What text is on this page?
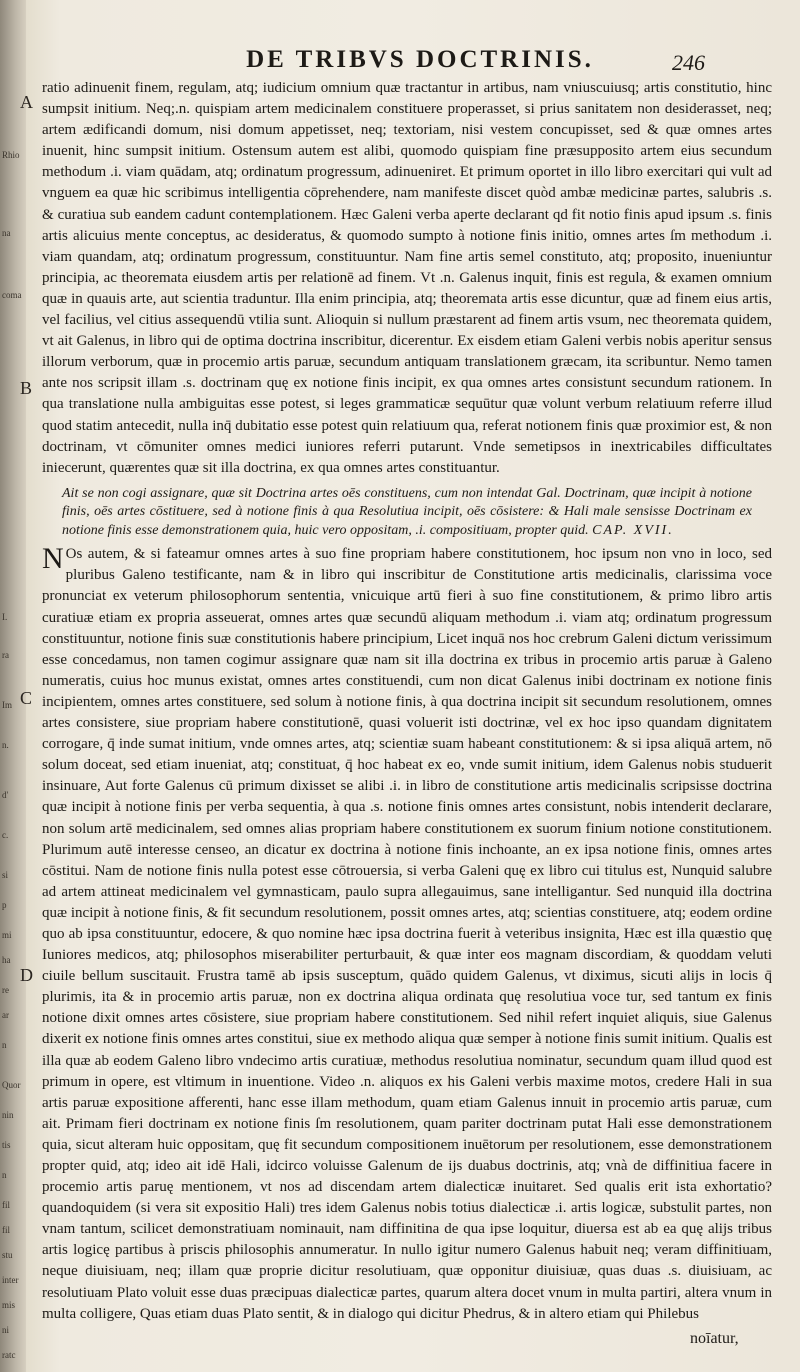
Rhio
na
coma
I.
ra
Im
n.
d'
c.
si
p
mi
ha
re
ar
n
Quor
nin
tis
n
fil
fil
stu
inter
mis
ni
ratc
DE TRIBVS DOCTRINIS.	246
A
B
C
D

ratio adinuenit finem, regulam, atq; iudicium omnium quæ tractantur in artibus, nam vniuscuiusq; artis constitutio, hinc sumpsit initium. Neq;.n. quispiam artem medicinalem constituere properasset, si prius sanitatem non desiderasset, neq; artem ædificandi domum, nisi domum appetisset, neq; textoriam, nisi vestem concupisset, sed & quæ omnes artes inuenit, hinc sumpsit initium. Ostensum autem est alibi, quomodo quispiam fine præsupposito artem eius secundum methodum .i. viam quādam, atq; ordinatum progressum, adinueniret. Et primum oportet in illo libro exercitari qui vult ad vnguem ea quæ hic scribimus intelligentia cōprehendere, nam manifeste discet quòd ambæ medicinæ partes, salubris .s. & curatiua sub eandem cadunt contemplationem. Hæc Galeni verba aperte declarant qd fit notio finis apud ipsum .s. finis artis alicuius mente conceptus, ac desideratus, & quomodo sumpto à notione finis initio, omnes artes ſm methodum .i. viam quandam, atq; ordinatum progressum, constituuntur. Nam fine artis semel constituto, atq; proposito, inueniuntur principia, ac theoremata eiusdem artis per relationē ad finem. Vt .n. Galenus inquit, finis est regula, & examen omnium quæ in quauis arte, aut scientia traduntur. Illa enim principia, atq; theoremata artis esse dicuntur, quæ ad finem eius artis, vel facilius, vel citius assequendū vtilia sunt. Alioquin si nullum præstarent ad finem artis vsum, nec theoremata quidem, vt ait Galenus, in libro qui de optima doctrina inscribitur, dicerentur. Ex eisdem etiam Galeni verbis nobis aperitur sensus illorum verborum, quæ in procemio artis paruæ, secundum antiquam translationem græcam, ita scribuntur. Nemo tamen ante nos scripsit illam .s. doctrinam quę ex notione finis incipit, ex qua omnes artes consistunt secundum rationem. In qua translatione nulla ambiguitas esse potest, si leges grammaticæ sequūtur quæ volunt verbum relatiuum referre illud quod statim antecedit, nulla inq̄ dubitatio esse potest quin relatiuum qua, referat notionem finis quæ proximior est, & non doctrinam, vt cōmuniter omnes medici iuniores referri putarunt. Vnde semetipsos in inextricabiles difficultates iniecerunt, quærentes quæ sit illa doctrina, ex qua omnes artes constituantur.

Ait se non cogi assignare, quæ sit Doctrina artes oēs constituens, cum non intendat Gal. Doctrinam, quæ incipit à notione finis, oēs artes cōstituere, sed à notione finis à qua Resolutiua incipit, oēs cōsistere: & Hali male sensisse Doctrinam ex notione finis esse demonstrationem quia, huic vero oppositam, .i. compositiuam, propter quid. CAP. XVII.

N Os autem, & si fateamur omnes artes à suo fine propriam habere constitutionem, hoc ipsum non vno in loco, sed pluribus Galeno testificante, nam & in libro qui inscribitur de Constitutione artis medicinalis, clarissima voce pronunciat ex veterum philosophorum sententia, vnicuique artū fieri à suo fine constitutionem, & primo libro artis curatiuæ etiam ex propria asseuerat, omnes artes quæ secundū aliquam methodum .i. viam atq; ordinatum progressum constituuntur, notione finis suæ constitutionis habere principium, Licet inquā nos hoc crebrum Galeni dictum verissimum esse concedamus, non tamen cogimur assignare quæ nam sit illa doctrina ex tribus in procemio artis paruæ à Galeno numeratis, cuius hoc munus existat, omnes artes constituendi, cum non dicat Galenus inibi doctrinam ex notione finis incipientem, omnes artes constituere, sed solum à notione finis, à qua doctrina incipit sit secundum resolutionem, omnes artes consistere, siue propriam habere constitutionē, quasi voluerit isti doctrinæ, vel ex hoc ipso quandam dignitatem corrogare, q̄ inde sumat initium, vnde omnes artes, atq; scientiæ suam habeant constitutionem: & si ipsa aliquā artem, nō solum doceat, sed etiam inueniat, atq; constituat, q̄ hoc habeat ex eo, vnde sumit initium, idem Galenus nobis studuerit insinuare, Aut forte Galenus cū primum dixisset se alibi .i. in libro de constitutione artis medicinalis scripsisse doctrina quæ incipit à notione finis per verba sequentia, à qua .s. notione finis omnes artes consistunt, nobis intenderit declarare, non solum artē medicinalem, sed omnes alias propriam habere constitutionem ex suorum finium notione constitutionem. Plurimum autē interesse censeo, an dicatur ex doctrina à notione finis inchoante, an ex ipsa notione finis, omnes artes cōstitui. Nam de notione finis nulla potest esse cōtrouersia, si verba Galeni quę ex libro cui titulus est, Nunquid salubre ad artem attineat medicinalem vel gymnasticam, paulo supra allegauimus, sane intelligantur. Sed nunquid illa doctrina quæ incipit à notione finis, & fit secundum resolutionem, possit omnes artes, atq; scientias constituere, atq; eodem ordine quo ab ipsa constituuntur, edocere, & quo nomine hæc ipsa doctrina fuerit à veteribus insignita, Hæc est illa quæstio quę Iuniores medicos, atq; philosophos miserabiliter perturbauit, & quæ inter eos magnam discordiam, & quoddam veluti ciuile bellum suscitauit. Frustra tamē ab ipsis susceptum, quādo quidem Galenus, vt diximus, sicuti alijs in locis q̄ plurimis, ita & in procemio artis paruæ, non ex doctrina aliqua ordinata quę resolutiua voce tur, sed tantum ex finis notione dixit omnes artes cōsistere, siue propriam habere constitutionem. Sed nihil refert inquiet aliquis, siue Galenus dixerit ex notione finis omnes artes constitui, siue ex methodo aliqua quæ semper à notione finis sumit initium. Qualis est illa quæ ab eodem Galeno libro vndecimo artis curatiuæ, methodus resolutiua nominatur, secundum quam illud quod est primum in opere, est vltimum in inuentione. Video .n. aliquos ex his Galeni verbis maxime motos, credere Hali in sua artis paruæ expositione afferenti, hanc esse illam methodum, quam etiam Galenus innuit in procemio artis paruæ, cum ait. Primam fieri doctrinam ex notione finis ſm resolutionem, quam pariter doctrinam putat Hali esse demonstrationem quia, sicut alteram huic oppositam, quę fit secundum compositionem inuētorum per resolutionem, esse demonstrationem propter quid, atq; ideo ait idē Hali, idcirco voluisse Galenum de ijs duabus doctrinis, atq; vnà de diffinitiua facere in procemio artis paruę mentionem, vt nos ad discendam artem dialecticæ inuitaret. Sed qualis erit ista exhortatio? quandoquidem (si vera sit expositio Hali) tres idem Galenus nobis totius dialecticæ .i. artis logicæ, substulit partes, non vnam tantum, scilicet demonstratiuam nominauit, nam diffinitina de qua ipse loquitur, diuersa est ab ea quę alijs tribus artis logicę partibus à priscis philosophis annumeratur. In nullo igitur numero Galenus habuit neq; veram diffinitiuam, neque diuisiuam, neq; illam quæ proprie dicitur resolutiuam, quæ opponitur diuisiuæ, quas duas .s. diuisiuam, ac resolutiuam Plato voluit esse duas præcipuas dialecticæ partes, quarum altera docet vnum in multa partiri, altera vnum in multa colligere, Quas etiam duas Plato sentit, & in dialogo qui dicitur Phedrus, & in altero etiam qui Philebus

noīatur,
